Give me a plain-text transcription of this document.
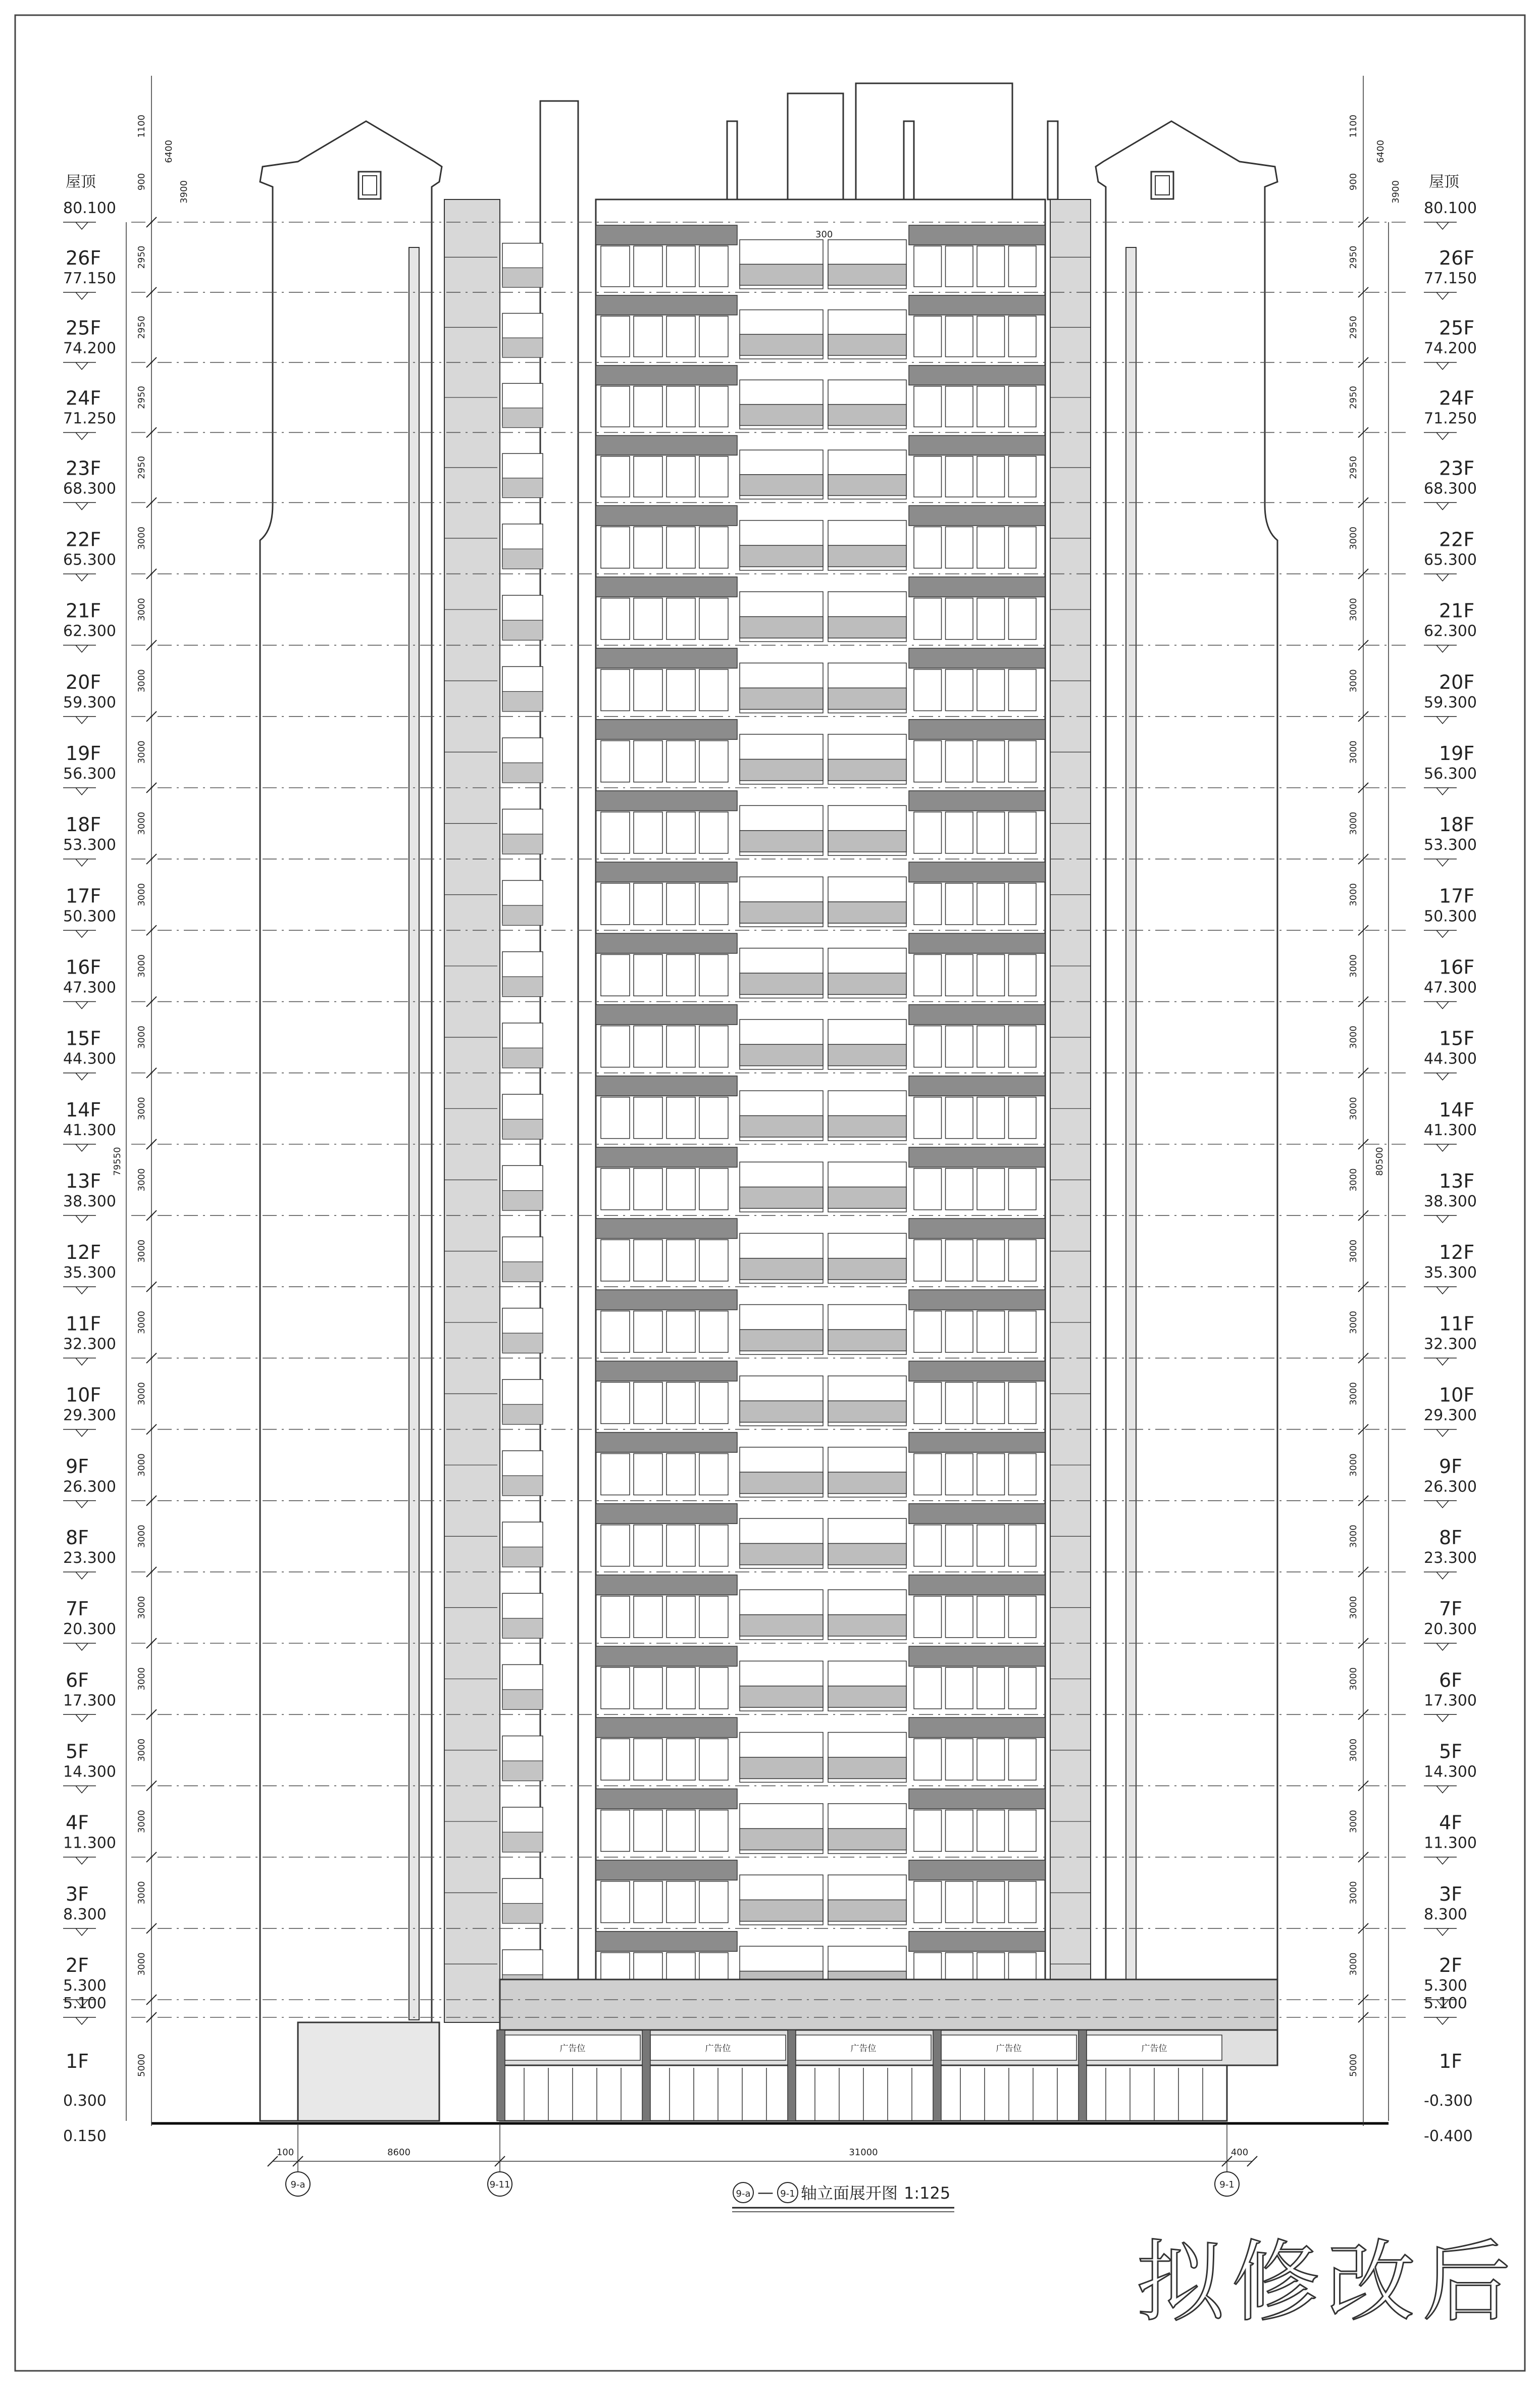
广告位	广告位	广告位	广告位	广告位
80.100	80.100
77.150	77.150
74.200	74.200
71.250	71.250
68.300	68.300
65.300	65.300
62.300	62.300
59.300	59.300
56.300	56.300
53.300	53.300
50.300	50.300
47.300	47.300
44.300	44.300
41.300	41.300
38.300	38.300
35.300	35.300
32.300	32.300
29.300	29.300
26.300	26.300
23.300	23.300
20.300	20.300
17.300	17.300
14.300	14.300
11.300	11.300
8.300	8.300
5.300	5.300
5.100	5.100
屋顶	屋顶
26F
25F
24F
23F
22F
21F
20F
19F
18F
17F
16F
15F
14F
13F
12F
11F
10F
9F
8F
7F
6F
5F
4F
3F
2F
1F
26F
25F
24F
23F
22F
21F
20F
19F
18F
17F
16F
15F
14F
13F
12F
11F
10F
9F
8F
7F
6F
5F
4F
3F
2F
1F
0.300
0.150
-0.300
-0.400
2950
2950
2950
2950
3000
3000
3000
3000
3000
3000
3000
3000
3000
3000
3000
3000
3000
3000
3000
3000
3000
3000
3000
3000
3000
5000
1100
900
6400
3900
2950
2950
2950
2950
3000
3000
3000
3000
3000
3000
3000
3000
3000
3000
3000
3000
3000
3000
3000
3000
3000
3000
3000
3000
3000
5000
1100
900
6400
3900
79550	80500
100	8600	31000	400
9-a	9-11	9-1
9-a — 9-1 轴立面展开图 1:125
拟修改后
300
